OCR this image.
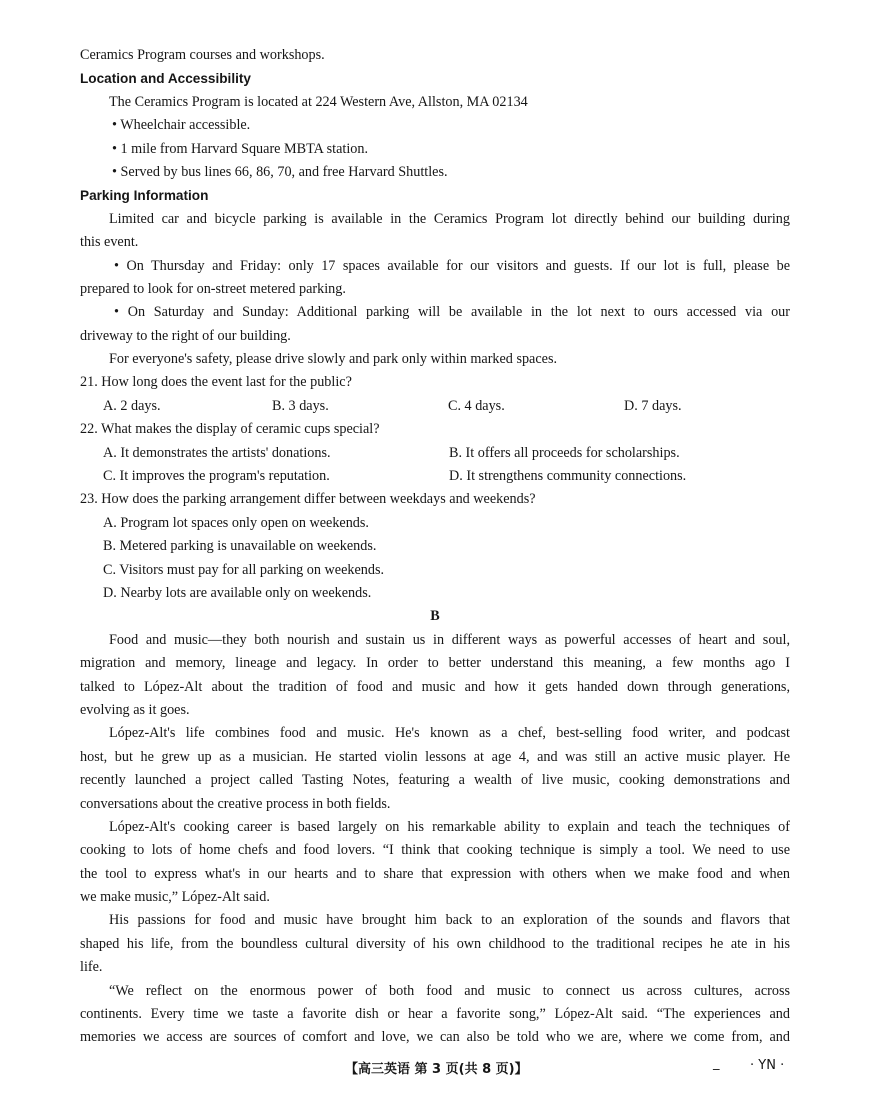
Ceramics Program courses and workshops.
Location and Accessibility
The Ceramics Program is located at 224 Western Ave, Allston, MA 02134
• Wheelchair accessible.
• 1 mile from Harvard Square MBTA station.
• Served by bus lines 66, 86, 70, and free Harvard Shuttles.
Parking Information
Limited car and bicycle parking is available in the Ceramics Program lot directly behind our building during
this event.
• On Thursday and Friday: only 17 spaces available for our visitors and guests. If our lot is full, please be
prepared to look for on-street metered parking.
• On Saturday and Sunday: Additional parking will be available in the lot next to ours accessed via our
driveway to the right of our building.
For everyone's safety, please drive slowly and park only within marked spaces.
21. How long does the event last for the public?
A. 2 days.	B. 3 days.	C. 4 days.	D. 7 days.
22. What makes the display of ceramic cups special?
A. It demonstrates the artists' donations.	B. It offers all proceeds for scholarships.
C. It improves the program's reputation.	D. It strengthens community connections.
23. How does the parking arrangement differ between weekdays and weekends?
A. Program lot spaces only open on weekends.
B. Metered parking is unavailable on weekends.
C. Visitors must pay for all parking on weekends.
D. Nearby lots are available only on weekends.
B
Food and music—they both nourish and sustain us in different ways as powerful accesses of heart and soul,
migration and memory, lineage and legacy. In order to better understand this meaning, a few months ago I
talked to López-Alt about the tradition of food and music and how it gets handed down through generations,
evolving as it goes.
López-Alt's life combines food and music. He's known as a chef, best-selling food writer, and podcast
host, but he grew up as a musician. He started violin lessons at age 4, and was still an active music player. He
recently launched a project called Tasting Notes, featuring a wealth of live music, cooking demonstrations and
conversations about the creative process in both fields.
López-Alt's cooking career is based largely on his remarkable ability to explain and teach the techniques of
cooking to lots of home chefs and food lovers. “I think that cooking technique is simply a tool. We need to use
the tool to express what's in our hearts and to share that expression with others when we make food and when
we make music,” López-Alt said.
His passions for food and music have brought him back to an exploration of the sounds and flavors that
shaped his life, from the boundless cultural diversity of his own childhood to the traditional recipes he ate in his
life.
“We reflect on the enormous power of both food and music to connect us across cultures, across
continents. Every time we taste a favorite dish or hear a favorite song,” López-Alt said. “The experiences and
memories we access are sources of comfort and love, we can also be told who we are, where we come from, and
【高三英语 第 3 页(共 8 页)】	_ · YN ·
